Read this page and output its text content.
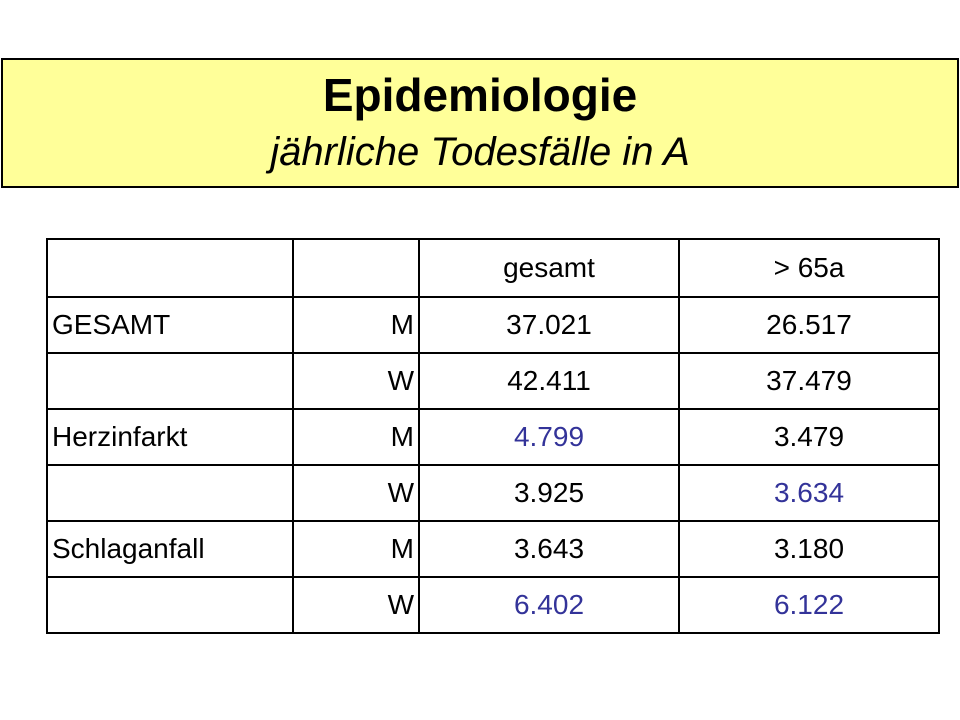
Epidemiologie
jährliche Todesfälle in A
		gesamt	> 65a
GESAMT	M	37.021	26.517
	W	42.411	37.479
Herzinfarkt	M	4.799	3.479
	W	3.925	3.634
Schlaganfall	M	3.643	3.180
	W	6.402	6.122
